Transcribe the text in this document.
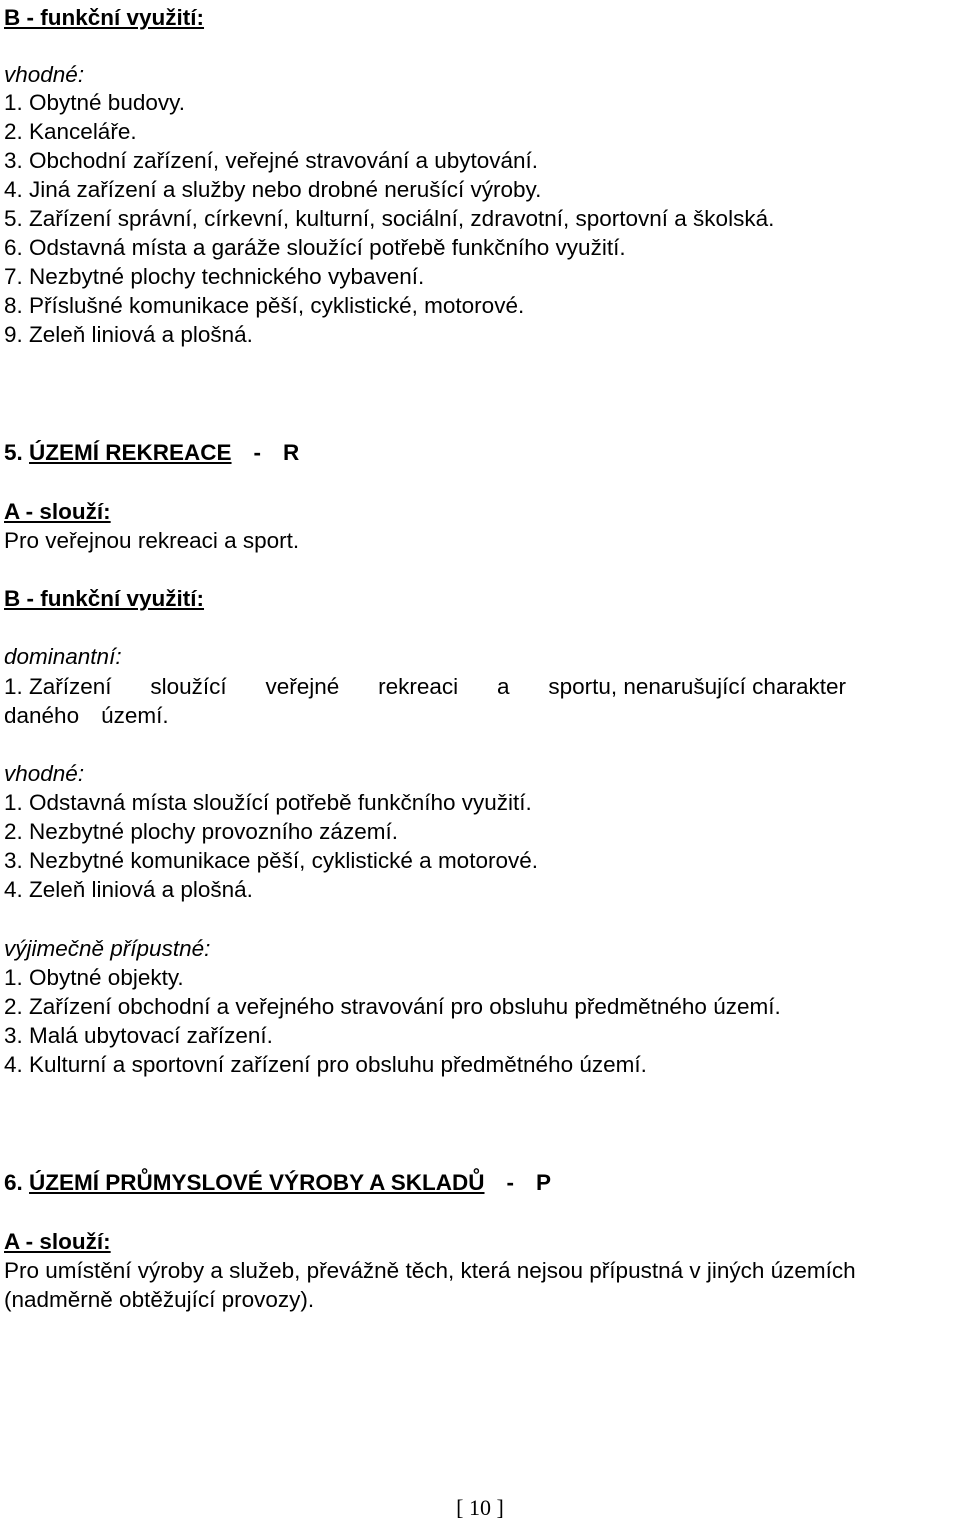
B - funkční využití:
vhodné:
1. Obytné budovy.
2. Kanceláře.
3. Obchodní zařízení, veřejné stravování a ubytování.
4. Jiná zařízení a služby nebo drobné nerušící výroby.
5. Zařízení správní, církevní, kulturní, sociální, zdravotní, sportovní a školská.
6. Odstavná místa a garáže sloužící potřebě funkčního využití.
7. Nezbytné plochy technického vybavení.
8. Příslušné komunikace pěší, cyklistické, motorové.
9. Zeleň liniová a plošná.
5. ÚZEMÍ REKREACE - R
A - slouží:
Pro veřejnou rekreaci a sport.
B - funkční využití:
dominantní:
1. Zařízení sloužící veřejné rekreaci a sportu, nenarušující charakter
daného území.
vhodné:
1. Odstavná místa sloužící potřebě funkčního využití.
2. Nezbytné plochy provozního zázemí.
3. Nezbytné komunikace pěší, cyklistické a motorové.
4. Zeleň liniová a plošná.
výjimečně přípustné:
1. Obytné objekty.
2. Zařízení obchodní a veřejného stravování pro obsluhu předmětného území.
3. Malá ubytovací zařízení.
4. Kulturní a sportovní zařízení pro obsluhu předmětného území.
6. ÚZEMÍ PRŮMYSLOVÉ VÝROBY A SKLADŮ - P
A - slouží:
Pro umístění výroby a služeb, převážně těch, která nejsou přípustná v jiných územích
(nadměrně obtěžující provozy).
[ 10 ]
